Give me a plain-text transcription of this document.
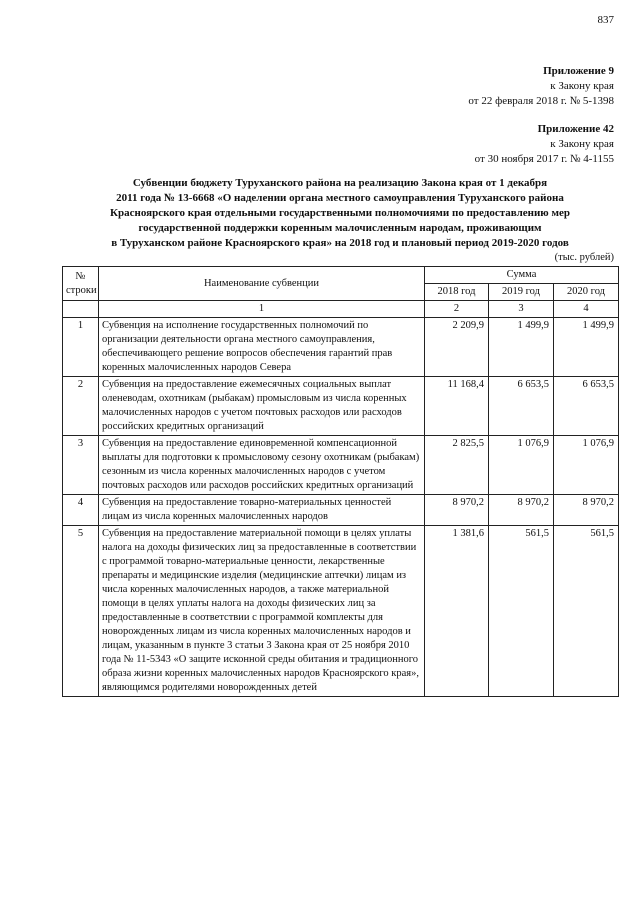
837
Приложение 9
к Закону края
от 22 февраля 2018 г. № 5-1398
Приложение 42
к Закону края
от 30 ноября 2017 г. № 4-1155
Субвенции бюджету Туруханского района на реализацию Закона края от 1 декабря
2011 года № 13-6668 «О наделении органа местного самоуправления Туруханского района
Красноярского края отдельными государственными полномочиями по предоставлению мер
государственной поддержки коренным малочисленным народам, проживающим
в Туруханском районе Красноярского края» на 2018 год и плановый период 2019-2020 годов
(тыс. рублей)
№
строки	Наименование субвенции	Сумма		
		2018 год	2019 год	2020 год
	1	2	3	4
1	Субвенция на исполнение государственных полномочий по организации деятельности органа местного самоуправления, обеспечивающего решение вопросов обеспечения гарантий прав коренных малочисленных народов Севера	2 209,9	1 499,9	1 499,9
2	Субвенция на предоставление ежемесячных социальных выплат оленеводам, охотникам (рыбакам) промысловым из числа коренных малочисленных народов с учетом почтовых расходов или расходов российских кредитных организаций	11 168,4	6 653,5	6 653,5
3	Субвенция на предоставление единовременной компенсационной выплаты для подготовки к промысловому сезону охотникам (рыбакам) сезонным из числа коренных малочисленных народов с учетом почтовых расходов или расходов российских кредитных организаций	2 825,5	1 076,9	1 076,9
4	Субвенция на предоставление товарно-материальных ценностей лицам из числа коренных малочисленных народов	8 970,2	8 970,2	8 970,2
5	Субвенция на предоставление материальной помощи в целях уплаты налога на доходы физических лиц за предоставленные в соответствии с программой товарно-материальные ценности, лекарственные препараты и медицинские изделия (медицинские аптечки) лицам из числа коренных малочисленных народов, а также материальной помощи в целях уплаты налога на доходы физических лиц за предоставленные в соответствии с программой комплекты для новорожденных лицам из числа коренных малочисленных народов и лицам, указанным в пункте 3 статьи 3 Закона края от 25 ноября 2010 года № 11-5343 «О защите исконной среды обитания и традиционного образа жизни коренных малочисленных народов Красноярского края», являющимся родителями новорожденных детей	1 381,6	561,5	561,5
